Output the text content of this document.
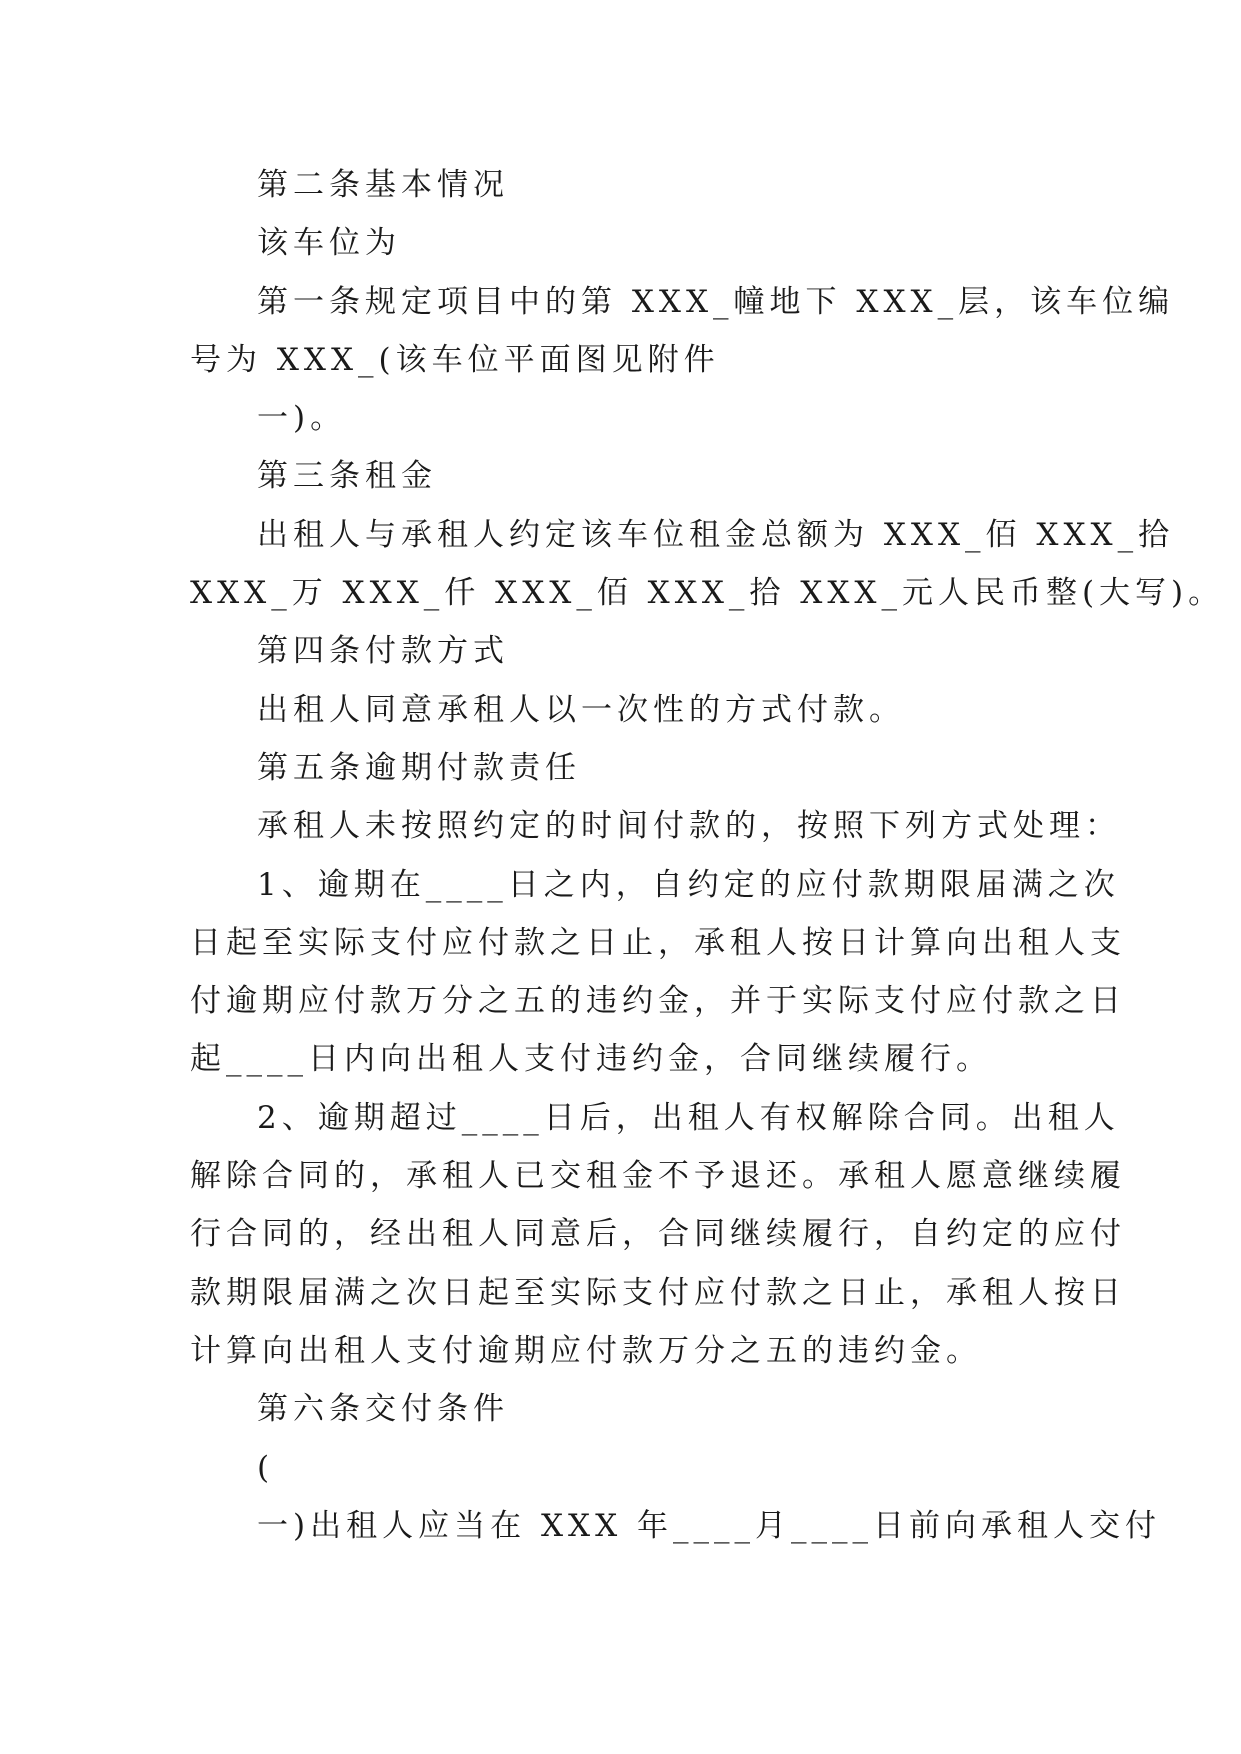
第二条基本情况
该车位为
第一条规定项目中的第 XXX_幢地下 XXX_层，该车位编
号为 XXX_(该车位平面图见附件
一)。
第三条租金
出租人与承租人约定该车位租金总额为 XXX_佰 XXX_拾
XXX_万 XXX_仟 XXX_佰 XXX_拾 XXX_元人民币整(大写)。
第四条付款方式
出租人同意承租人以一次性的方式付款。
第五条逾期付款责任
承租人未按照约定的时间付款的，按照下列方式处理：
1、逾期在____日之内，自约定的应付款期限届满之次
日起至实际支付应付款之日止，承租人按日计算向出租人支
付逾期应付款万分之五的违约金，并于实际支付应付款之日
起____日内向出租人支付违约金，合同继续履行。
2、逾期超过____日后，出租人有权解除合同。出租人
解除合同的，承租人已交租金不予退还。承租人愿意继续履
行合同的，经出租人同意后，合同继续履行，自约定的应付
款期限届满之次日起至实际支付应付款之日止，承租人按日
计算向出租人支付逾期应付款万分之五的违约金。
第六条交付条件
(
一)出租人应当在 XXX 年____月____日前向承租人交付
